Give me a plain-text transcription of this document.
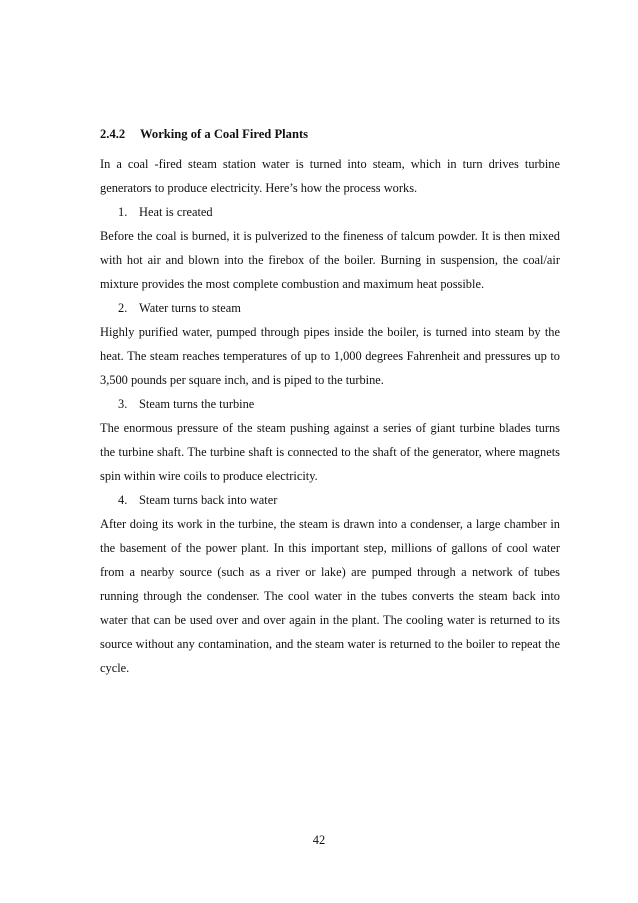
2.4.2 Working of a Coal Fired Plants

In a coal -fired steam station water is turned into steam, which in turn drives turbine generators to produce electricity. Here’s how the process works.

1. Heat is created

Before the coal is burned, it is pulverized to the fineness of talcum powder. It is then mixed with hot air and blown into the firebox of the boiler. Burning in suspension, the coal/air mixture provides the most complete combustion and maximum heat possible.

2. Water turns to steam

Highly purified water, pumped through pipes inside the boiler, is turned into steam by the heat. The steam reaches temperatures of up to 1,000 degrees Fahrenheit and pressures up to 3,500 pounds per square inch, and is piped to the turbine.

3. Steam turns the turbine

The enormous pressure of the steam pushing against a series of giant turbine blades turns the turbine shaft. The turbine shaft is connected to the shaft of the generator, where magnets spin within wire coils to produce electricity.

4. Steam turns back into water

After doing its work in the turbine, the steam is drawn into a condenser, a large chamber in the basement of the power plant. In this important step, millions of gallons of cool water from a nearby source (such as a river or lake) are pumped through a network of tubes running through the condenser. The cool water in the tubes converts the steam back into water that can be used over and over again in the plant. The cooling water is returned to its source without any contamination, and the steam water is returned to the boiler to repeat the cycle.

42
